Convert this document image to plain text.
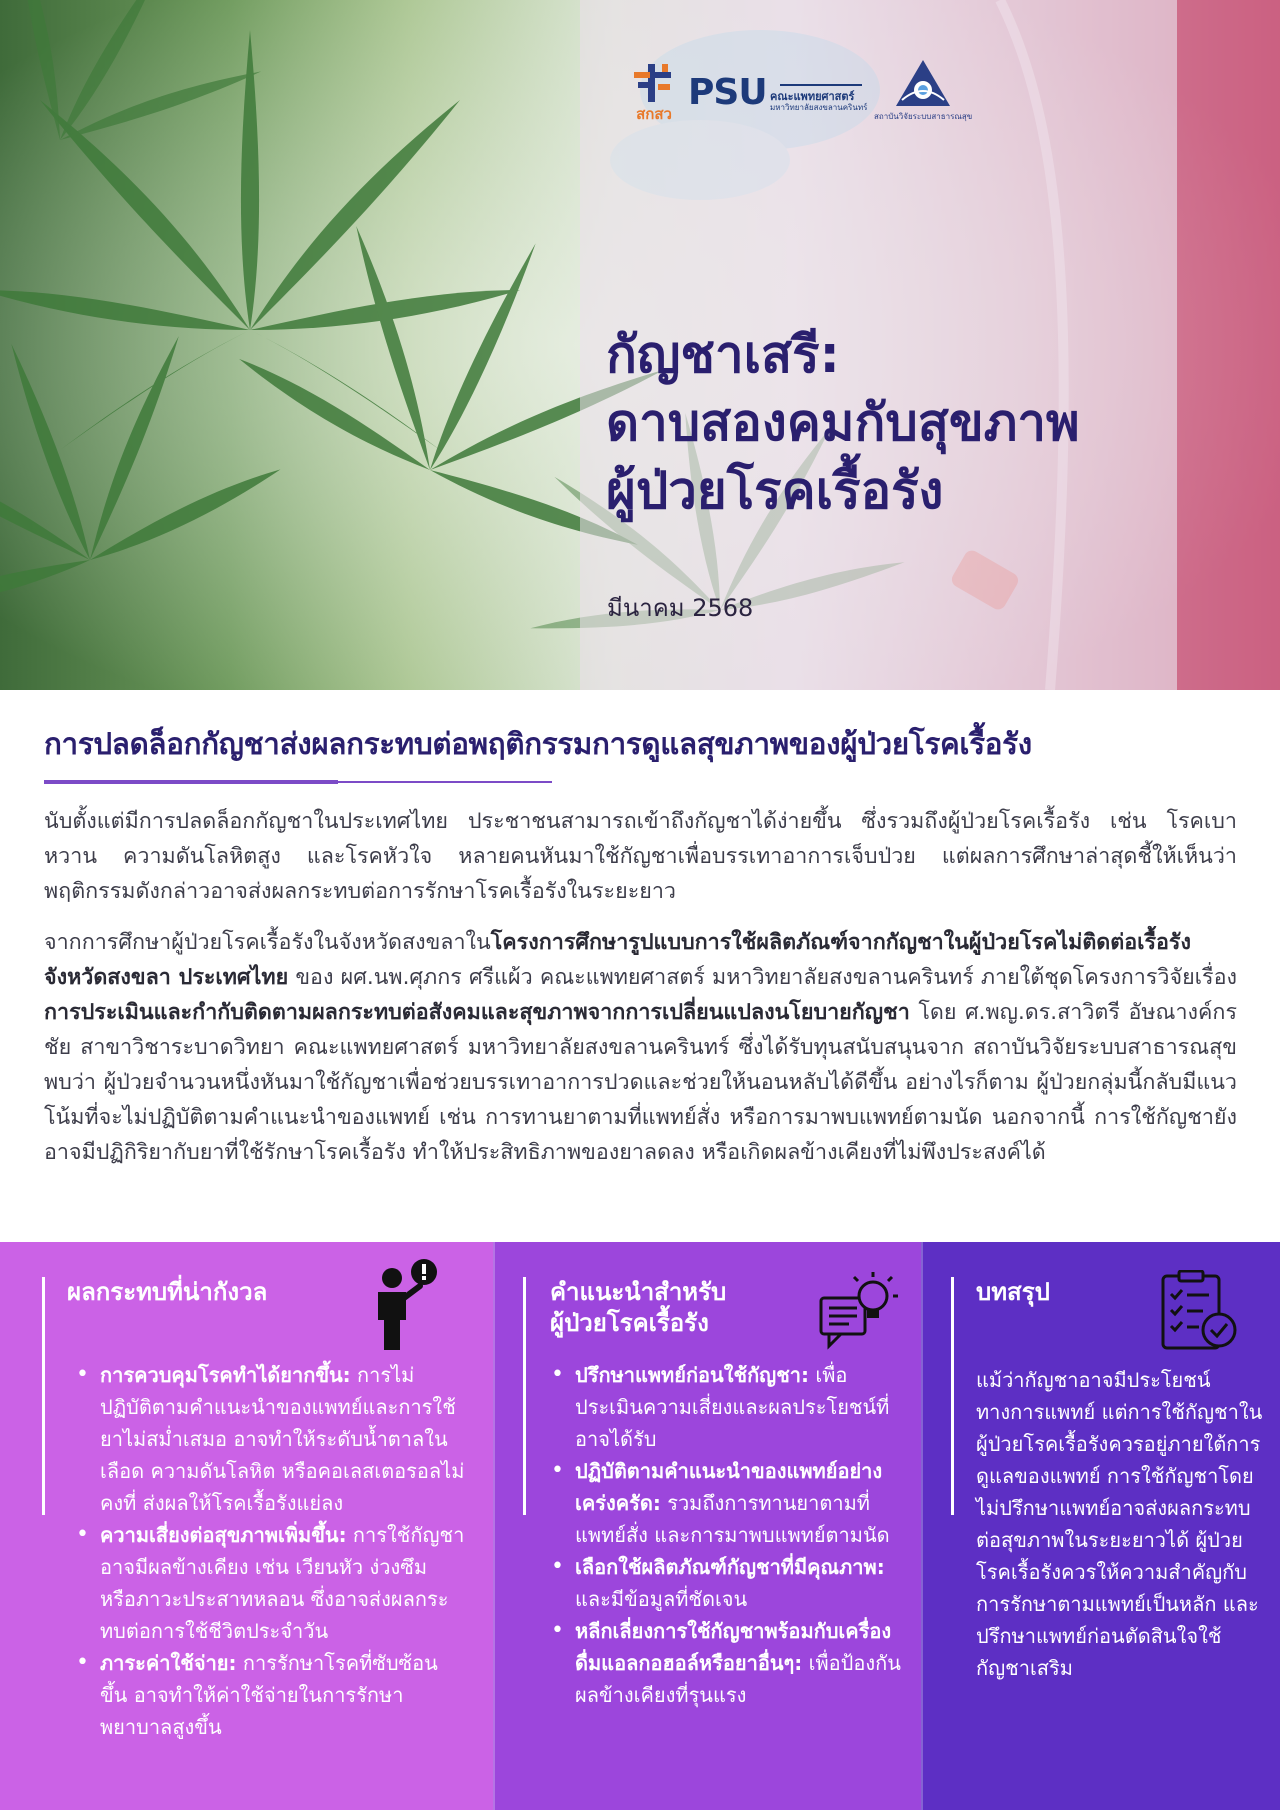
สกสว
PSU คณะแพทยศาสตร์
มหาวิทยาลัยสงขลานครินทร์
สถาบันวิจัยระบบสาธารณสุข
กัญชาเสรี:
ดาบสองคมกับสุขภาพ
ผู้ป่วยโรคเรื้อรัง
มีนาคม 2568
การปลดล็อกกัญชาส่งผลกระทบต่อพฤติกรรมการดูแลสุขภาพของผู้ป่วยโรคเรื้อรัง

นับตั้งแต่มีการปลดล็อกกัญชาในประเทศไทย ประชาชนสามารถเข้าถึงกัญชาได้ง่ายขึ้น ซึ่งรวมถึงผู้ป่วยโรคเรื้อรัง เช่น โรคเบาหวาน ความดันโลหิตสูง และโรคหัวใจ หลายคนหันมาใช้กัญชาเพื่อบรรเทาอาการเจ็บป่วย แต่ผลการศึกษาล่าสุดชี้ให้เห็นว่าพฤติกรรมดังกล่าวอาจส่งผลกระทบต่อการรักษาโรคเรื้อรังในระยะยาว

จากการศึกษาผู้ป่วยโรคเรื้อรังในจังหวัดสงขลาในโครงการศึกษารูปแบบการใช้ผลิตภัณฑ์จากกัญชาในผู้ป่วยโรคไม่ติดต่อเรื้อรัง จังหวัดสงขลา ประเทศไทย ของ ผศ.นพ.ศุภกร ศรีแผ้ว คณะแพทยศาสตร์ มหาวิทยาลัยสงขลานครินทร์ ภายใต้ชุดโครงการวิจัยเรื่อง การประเมินและกำกับติดตามผลกระทบต่อสังคมและสุขภาพจากการเปลี่ยนแปลงนโยบายกัญชา โดย ศ.พญ.ดร.สาวิตรี อัษณางค์กรชัย สาขาวิชาระบาดวิทยา คณะแพทยศาสตร์ มหาวิทยาลัยสงขลานครินทร์ ซึ่งได้รับทุนสนับสนุนจาก สถาบันวิจัยระบบสาธารณสุข พบว่า ผู้ป่วยจำนวนหนึ่งหันมาใช้กัญชาเพื่อช่วยบรรเทาอาการปวดและช่วยให้นอนหลับได้ดีขึ้น อย่างไรก็ตาม ผู้ป่วยกลุ่มนี้กลับมีแนวโน้มที่จะไม่ปฏิบัติตามคำแนะนำของแพทย์ เช่น การทานยาตามที่แพทย์สั่ง หรือการมาพบแพทย์ตามนัด นอกจากนี้ การใช้กัญชายังอาจมีปฏิกิริยากับยาที่ใช้รักษาโรคเรื้อรัง ทำให้ประสิทธิภาพของยาลดลง หรือเกิดผลข้างเคียงที่ไม่พึงประสงค์ได้

ผลกระทบที่น่ากังวล
• การควบคุมโรคทำได้ยากขึ้น: การไม่ปฏิบัติตามคำแนะนำของแพทย์และการใช้ยาไม่สม่ำเสมอ อาจทำให้ระดับน้ำตาลในเลือด ความดันโลหิต หรือคอเลสเตอรอลไม่คงที่ ส่งผลให้โรคเรื้อรังแย่ลง
• ความเสี่ยงต่อสุขภาพเพิ่มขึ้น: การใช้กัญชาอาจมีผลข้างเคียง เช่น เวียนหัว ง่วงซึม หรือภาวะประสาทหลอน ซึ่งอาจส่งผลกระทบต่อการใช้ชีวิตประจำวัน
• ภาระค่าใช้จ่าย: การรักษาโรคที่ซับซ้อนขึ้น อาจทำให้ค่าใช้จ่ายในการรักษาพยาบาลสูงขึ้น
คำแนะนำสำหรับ
ผู้ป่วยโรคเรื้อรัง
• ปรึกษาแพทย์ก่อนใช้กัญชา: เพื่อประเมินความเสี่ยงและผลประโยชน์ที่อาจได้รับ
• ปฏิบัติตามคำแนะนำของแพทย์อย่างเคร่งครัด: รวมถึงการทานยาตามที่แพทย์สั่ง และการมาพบแพทย์ตามนัด
• เลือกใช้ผลิตภัณฑ์กัญชาที่มีคุณภาพ: และมีข้อมูลที่ชัดเจน
• หลีกเลี่ยงการใช้กัญชาพร้อมกับเครื่องดื่มแอลกอฮอล์หรือยาอื่นๆ: เพื่อป้องกันผลข้างเคียงที่รุนแรง
บทสรุป

แม้ว่ากัญชาอาจมีประโยชน์ทางการแพทย์ แต่การใช้กัญชาในผู้ป่วยโรคเรื้อรังควรอยู่ภายใต้การดูแลของแพทย์ การใช้กัญชาโดยไม่ปรึกษาแพทย์อาจส่งผลกระทบต่อสุขภาพในระยะยาวได้ ผู้ป่วยโรคเรื้อรังควรให้ความสำคัญกับการรักษาตามแพทย์เป็นหลัก และปรึกษาแพทย์ก่อนตัดสินใจใช้กัญชาเสริม
